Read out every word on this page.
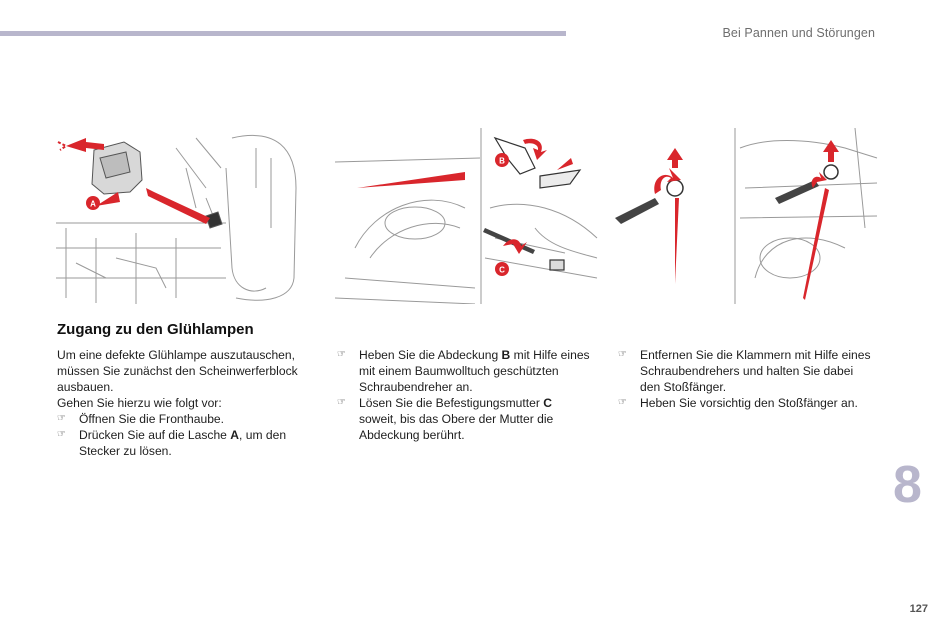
Bei Pannen und Störungen
A
B
C
Zugang zu den Glühlampen

Um eine defekte Glühlampe auszutauschen, müssen Sie zunächst den Scheinwerferblock ausbauen.

Gehen Sie hierzu wie folgt vor:

☞ Öffnen Sie die Fronthaube.

☞ Drücken Sie auf die Lasche A, um den Stecker zu lösen.

☞ Heben Sie die Abdeckung B mit Hilfe eines mit einem Baumwolltuch geschützten Schraubendreher an.

☞ Lösen Sie die Befestigungsmutter C soweit, bis das Obere der Mutter die Abdeckung berührt.

☞ Entfernen Sie die Klammern mit Hilfe eines Schraubendrehers und halten Sie dabei den Stoßfänger.

☞ Heben Sie vorsichtig den Stoßfänger an.

8
127
